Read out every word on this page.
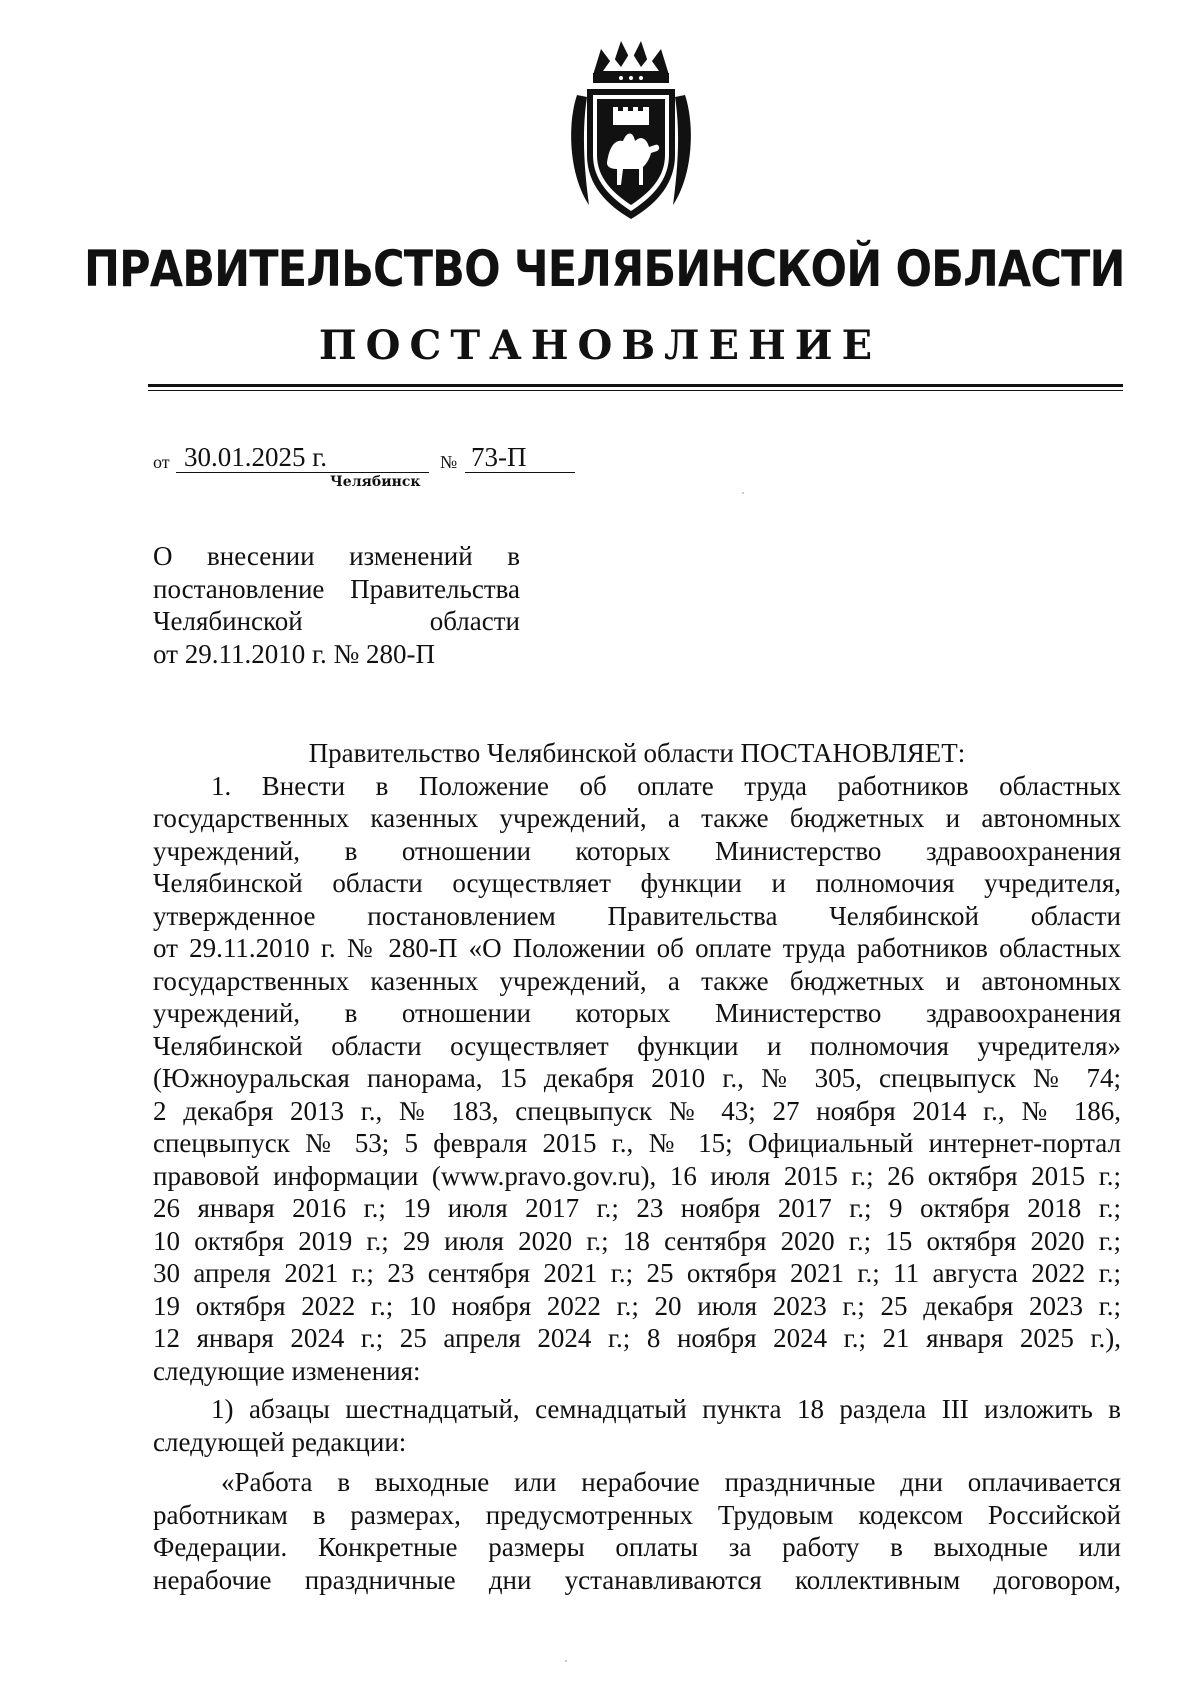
ПРАВИТЕЛЬСТВО ЧЕЛЯБИНСКОЙ ОБЛАСТИ
ПОСТАНОВЛЕНИЕ
от 30.01.2025 г.	№ 73-П
Челябинск
О внесении изменений в
постановление Правительства
Челябинской области
от 29.11.2010 г. № 280-П
Правительство Челябинской области ПОСТАНОВЛЯЕТ:
1. Внести в Положение об оплате труда работников областных
государственных казенных учреждений, а также бюджетных и автономных
учреждений, в отношении которых Министерство здравоохранения
Челябинской области осуществляет функции и полномочия учредителя,
утвержденное постановлением Правительства Челябинской области
от 29.11.2010 г. № 280-П «О Положении об оплате труда работников областных
государственных казенных учреждений, а также бюджетных и автономных
учреждений, в отношении которых Министерство здравоохранения
Челябинской области осуществляет функции и полномочия учредителя»
(Южноуральская панорама, 15 декабря 2010 г., № 305, спецвыпуск № 74;
2 декабря 2013 г., № 183, спецвыпуск № 43; 27 ноября 2014 г., № 186,
спецвыпуск № 53; 5 февраля 2015 г., № 15; Официальный интернет-портал
правовой информации (www.pravo.gov.ru), 16 июля 2015 г.; 26 октября 2015 г.;
26 января 2016 г.; 19 июля 2017 г.; 23 ноября 2017 г.; 9 октября 2018 г.;
10 октября 2019 г.; 29 июля 2020 г.; 18 сентября 2020 г.; 15 октября 2020 г.;
30 апреля 2021 г.; 23 сентября 2021 г.; 25 октября 2021 г.; 11 августа 2022 г.;
19 октября 2022 г.; 10 ноября 2022 г.; 20 июля 2023 г.; 25 декабря 2023 г.;
12 января 2024 г.; 25 апреля 2024 г.; 8 ноября 2024 г.; 21 января 2025 г.),
следующие изменения:
1) абзацы шестнадцатый, семнадцатый пункта 18 раздела III изложить в
следующей редакции:
«Работа в выходные или нерабочие праздничные дни оплачивается
работникам в размерах, предусмотренных Трудовым кодексом Российской
Федерации. Конкретные размеры оплаты за работу в выходные или
нерабочие праздничные дни устанавливаются коллективным договором,
